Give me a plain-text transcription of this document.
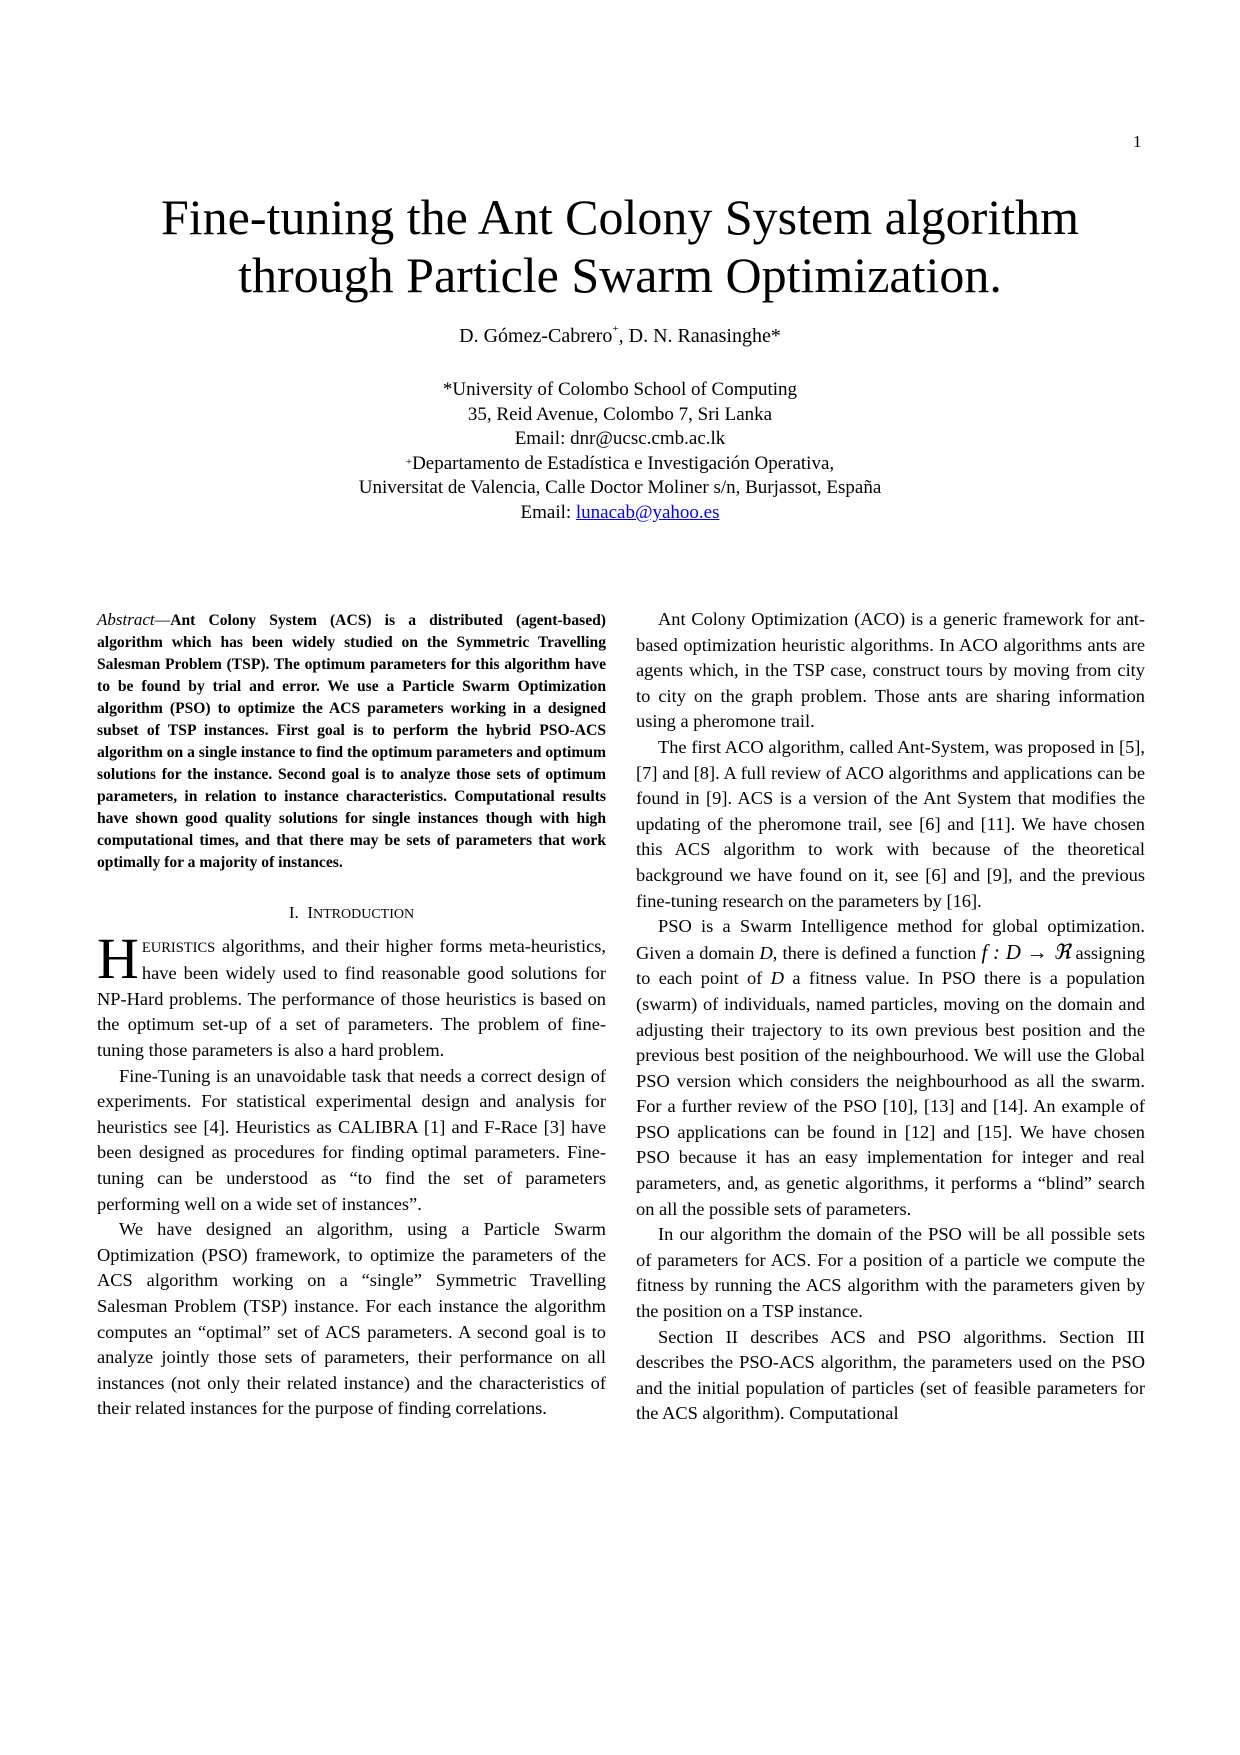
1
Fine-tuning the Ant Colony System algorithm
through Particle Swarm Optimization.
D. Gómez-Cabrero+, D. N. Ranasinghe*
*University of Colombo School of Computing
35, Reid Avenue, Colombo 7, Sri Lanka
Email: dnr@ucsc.cmb.ac.lk
+Departamento de Estadística e Investigación Operativa,
Universitat de Valencia, Calle Doctor Moliner s/n, Burjassot, España
Email: lunacab@yahoo.es
Abstract—Ant Colony System (ACS) is a distributed (agent-based) algorithm which has been widely studied on the Symmetric Travelling Salesman Problem (TSP). The optimum parameters for this algorithm have to be found by trial and error. We use a Particle Swarm Optimization algorithm (PSO) to optimize the ACS parameters working in a designed subset of TSP instances. First goal is to perform the hybrid PSO-ACS algorithm on a single instance to find the optimum parameters and optimum solutions for the instance. Second goal is to analyze those sets of optimum parameters, in relation to instance characteristics. Computational results have shown good quality solutions for single instances though with high computational times, and that there may be sets of parameters that work optimally for a majority of instances.
I. INTRODUCTION

HEURISTICS algorithms, and their higher forms meta-heuristics, have been widely used to find reasonable good solutions for NP-Hard problems. The performance of those heuristics is based on the optimum set-up of a set of parameters. The problem of fine-tuning those parameters is also a hard problem.

Fine-Tuning is an unavoidable task that needs a correct design of experiments. For statistical experimental design and analysis for heuristics see [4]. Heuristics as CALIBRA [1] and F-Race [3] have been designed as procedures for finding optimal parameters. Fine-tuning can be understood as “to find the set of parameters performing well on a wide set of instances”.

We have designed an algorithm, using a Particle Swarm Optimization (PSO) framework, to optimize the parameters of the ACS algorithm working on a “single” Symmetric Travelling Salesman Problem (TSP) instance. For each instance the algorithm computes an “optimal” set of ACS parameters. A second goal is to analyze jointly those sets of parameters, their performance on all instances (not only their related instance) and the characteristics of their related instances for the purpose of finding correlations.

Ant Colony Optimization (ACO) is a generic framework for ant-based optimization heuristic algorithms. In ACO algorithms ants are agents which, in the TSP case, construct tours by moving from city to city on the graph problem. Those ants are sharing information using a pheromone trail.

The first ACO algorithm, called Ant-System, was proposed in [5], [7] and [8]. A full review of ACO algorithms and applications can be found in [9]. ACS is a version of the Ant System that modifies the updating of the pheromone trail, see [6] and [11]. We have chosen this ACS algorithm to work with because of the theoretical background we have found on it, see [6] and [9], and the previous fine-tuning research on the parameters by [16].

PSO is a Swarm Intelligence method for global optimization. Given a domain D, there is defined a function f : D → ℜ assigning to each point of D a fitness value. In PSO there is a population (swarm) of individuals, named particles, moving on the domain and adjusting their trajectory to its own previous best position and the previous best position of the neighbourhood. We will use the Global PSO version which considers the neighbourhood as all the swarm. For a further review of the PSO [10], [13] and [14]. An example of PSO applications can be found in [12] and [15]. We have chosen PSO because it has an easy implementation for integer and real parameters, and, as genetic algorithms, it performs a “blind” search on all the possible sets of parameters.

In our algorithm the domain of the PSO will be all possible sets of parameters for ACS. For a position of a particle we compute the fitness by running the ACS algorithm with the parameters given by the position on a TSP instance.

Section II describes ACS and PSO algorithms. Section III describes the PSO-ACS algorithm, the parameters used on the PSO and the initial population of particles (set of feasible parameters for the ACS algorithm). Computational
